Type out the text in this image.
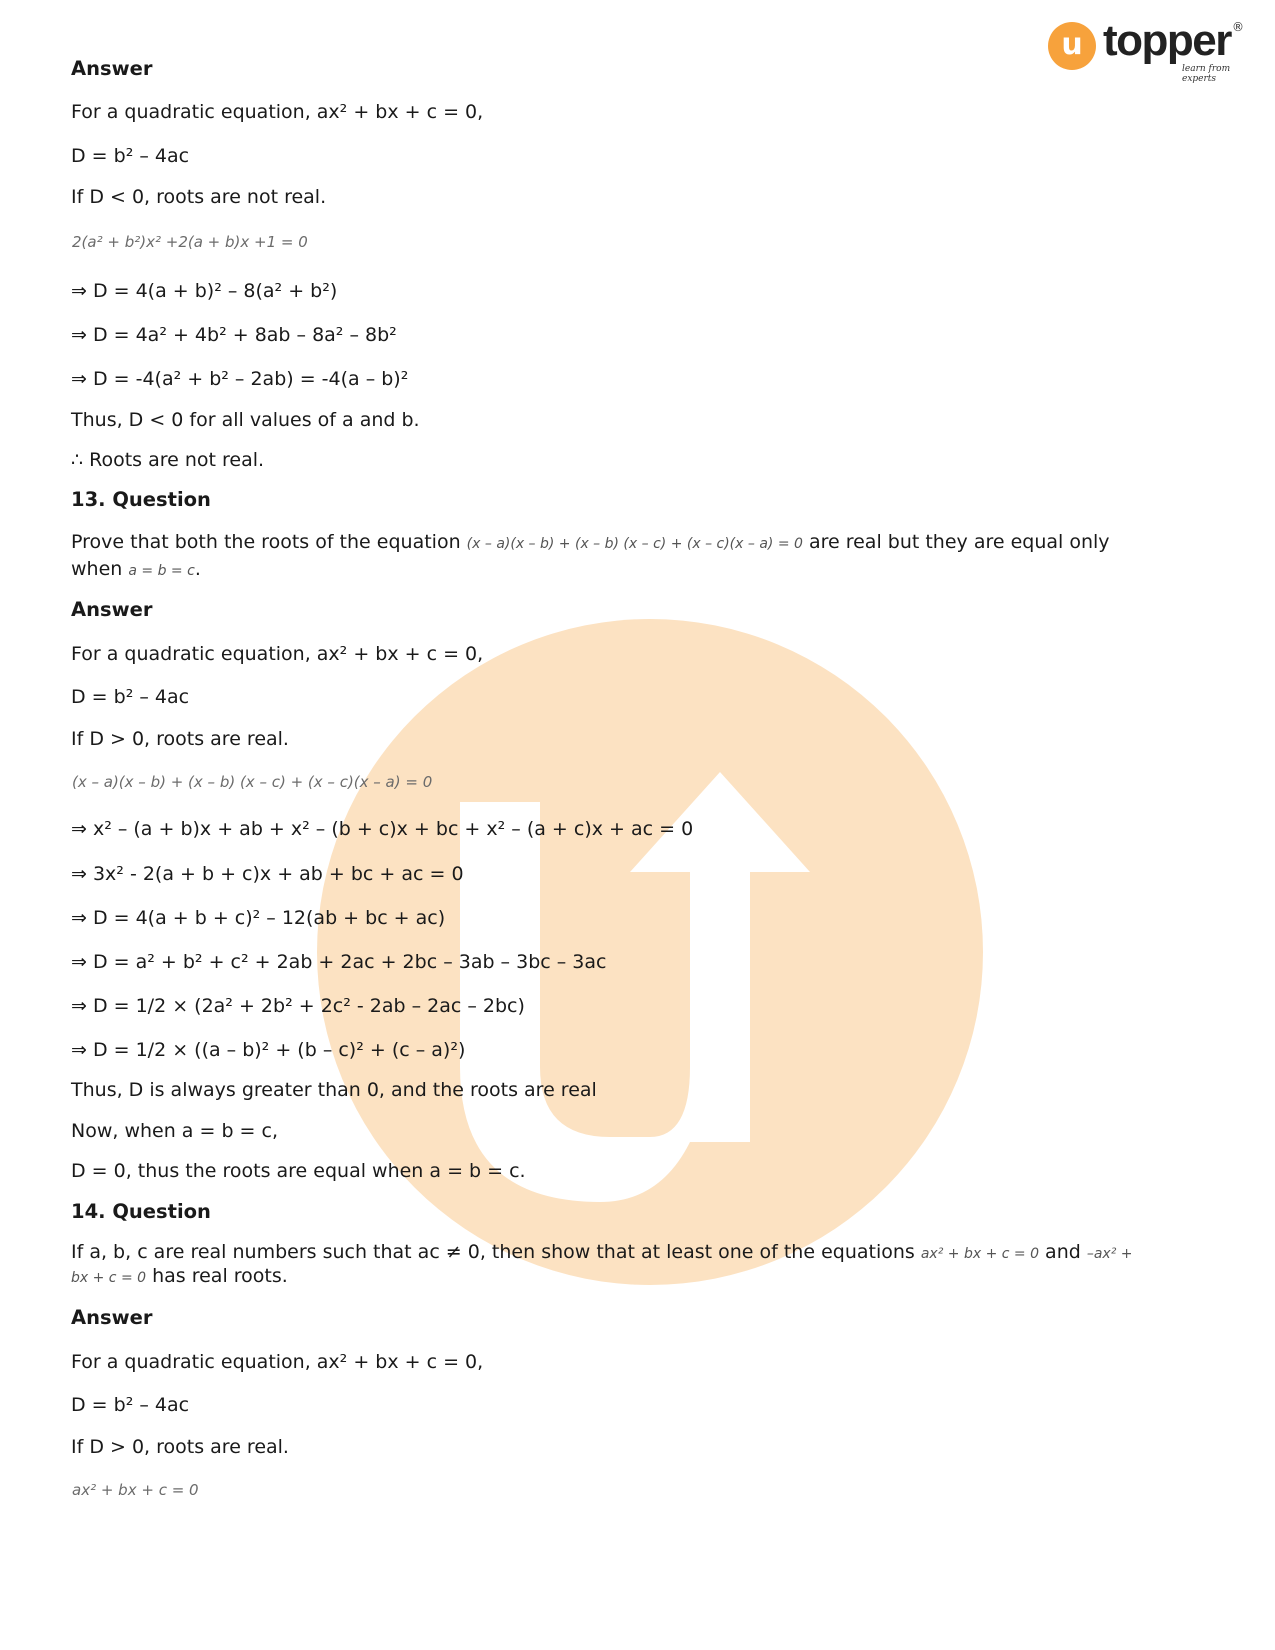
u topper ®
learn from experts
Answer
For a quadratic equation, ax² + bx + c = 0,
D = b² – 4ac
If D < 0, roots are not real.
2(a² + b²)x² +2(a + b)x +1 = 0
⇒ D = 4(a + b)² – 8(a² + b²)
⇒ D = 4a² + 4b² + 8ab – 8a² – 8b²
⇒ D = -4(a² + b² – 2ab) = -4(a – b)²
Thus, D < 0 for all values of a and b.
∴ Roots are not real.
13. Question
Prove that both the roots of the equation (x – a)(x – b) + (x – b) (x – c) + (x – c)(x – a) = 0 are real but they are equal only
when a = b = c.
Answer
For a quadratic equation, ax² + bx + c = 0,
D = b² – 4ac
If D > 0, roots are real.
(x – a)(x – b) + (x – b) (x – c) + (x – c)(x – a) = 0
⇒ x² – (a + b)x + ab + x² – (b + c)x + bc + x² – (a + c)x + ac = 0
⇒ 3x² - 2(a + b + c)x + ab + bc + ac = 0
⇒ D = 4(a + b + c)² – 12(ab + bc + ac)
⇒ D = a² + b² + c² + 2ab + 2ac + 2bc – 3ab – 3bc – 3ac
⇒ D = 1/2 × (2a² + 2b² + 2c² - 2ab – 2ac – 2bc)
⇒ D = 1/2 × ((a – b)² + (b – c)² + (c – a)²)
Thus, D is always greater than 0, and the roots are real
Now, when a = b = c,
D = 0, thus the roots are equal when a = b = c.
14. Question
If a, b, c are real numbers such that ac ≠ 0, then show that at least one of the equations ax² + bx + c = 0 and –ax² +
bx + c = 0 has real roots.
Answer
For a quadratic equation, ax² + bx + c = 0,
D = b² – 4ac
If D > 0, roots are real.
ax² + bx + c = 0
